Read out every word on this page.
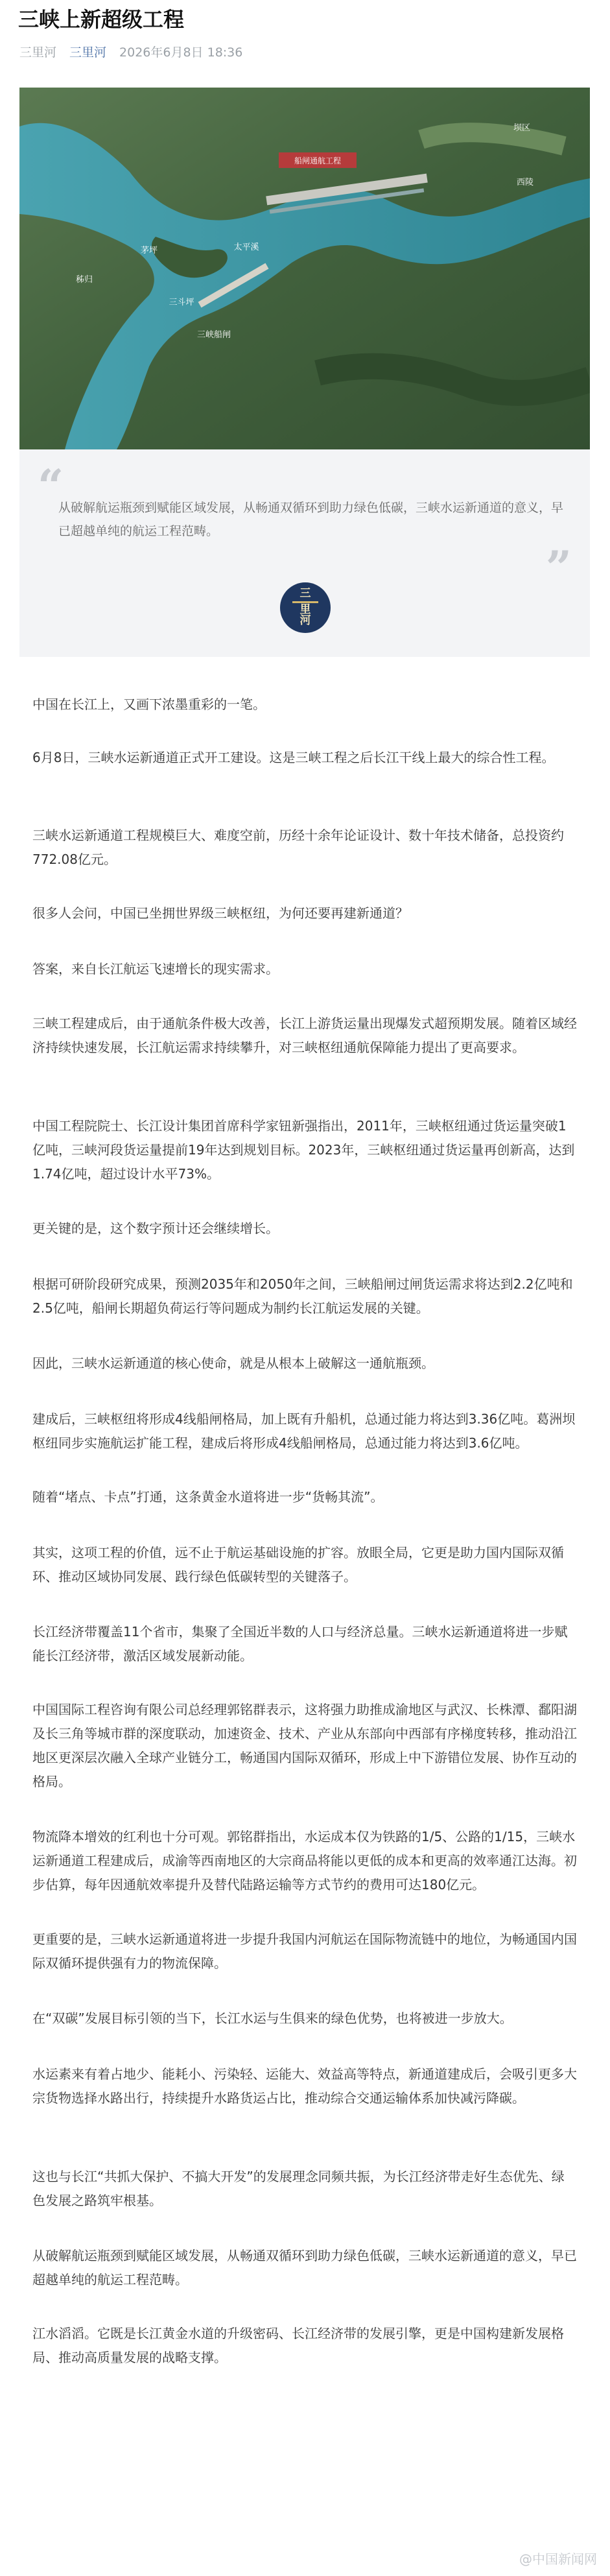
三峡上新超级工程
三里河 三里河 2026年6月8日 18:36
船闸通航工程
坝区
西陵
秭归
三斗坪
茅坪	太平溪
三峡船闸
“
从破解航运瓶颈到赋能区域发展，从畅通双循环到助力绿色低碳，三峡水运新通道的意义，早已超越单纯的航运工程范畴。
”
三
里
河
中国在长江上，又画下浓墨重彩的一笔。
6月8日，三峡水运新通道正式开工建设。这是三峡工程之后长江干线上最大的综合性工程。
三峡水运新通道工程规模巨大、难度空前，历经十余年论证设计、数十年技术储备，总投资约772.08亿元。
很多人会问，中国已坐拥世界级三峡枢纽，为何还要再建新通道？
答案，来自长江航运飞速增长的现实需求。
三峡工程建成后，由于通航条件极大改善，长江上游货运量出现爆发式超预期发展。随着区域经济持续快速发展，长江航运需求持续攀升，对三峡枢纽通航保障能力提出了更高要求。
中国工程院院士、长江设计集团首席科学家钮新强指出，2011年，三峡枢纽通过货运量突破1亿吨，三峡河段货运量提前19年达到规划目标。2023年，三峡枢纽通过货运量再创新高，达到1.74亿吨，超过设计水平73%。
更关键的是，这个数字预计还会继续增长。
根据可研阶段研究成果，预测2035年和2050年之间，三峡船闸过闸货运需求将达到2.2亿吨和2.5亿吨，船闸长期超负荷运行等问题成为制约长江航运发展的关键。
因此，三峡水运新通道的核心使命，就是从根本上破解这一通航瓶颈。
建成后，三峡枢纽将形成4线船闸格局，加上既有升船机，总通过能力将达到3.36亿吨。葛洲坝枢纽同步实施航运扩能工程，建成后将形成4线船闸格局，总通过能力将达到3.6亿吨。
随着“堵点、卡点”打通，这条黄金水道将进一步“货畅其流”。
其实，这项工程的价值，远不止于航运基础设施的扩容。放眼全局，它更是助力国内国际双循环、推动区域协同发展、践行绿色低碳转型的关键落子。
长江经济带覆盖11个省市，集聚了全国近半数的人口与经济总量。三峡水运新通道将进一步赋能长江经济带，激活区域发展新动能。
中国国际工程咨询有限公司总经理郭铭群表示，这将强力助推成渝地区与武汉、长株潭、鄱阳湖及长三角等城市群的深度联动，加速资金、技术、产业从东部向中西部有序梯度转移，推动沿江地区更深层次融入全球产业链分工，畅通国内国际双循环，形成上中下游错位发展、协作互动的格局。
物流降本增效的红利也十分可观。郭铭群指出，水运成本仅为铁路的1/5、公路的1/15，三峡水运新通道工程建成后，成渝等西南地区的大宗商品将能以更低的成本和更高的效率通江达海。初步估算，每年因通航效率提升及替代陆路运输等方式节约的费用可达180亿元。
更重要的是，三峡水运新通道将进一步提升我国内河航运在国际物流链中的地位，为畅通国内国际双循环提供强有力的物流保障。
在“双碳”发展目标引领的当下，长江水运与生俱来的绿色优势，也将被进一步放大。
水运素来有着占地少、能耗小、污染轻、运能大、效益高等特点，新通道建成后，会吸引更多大宗货物选择水路出行，持续提升水路货运占比，推动综合交通运输体系加快减污降碳。
这也与长江“共抓大保护、不搞大开发”的发展理念同频共振，为长江经济带走好生态优先、绿色发展之路筑牢根基。
从破解航运瓶颈到赋能区域发展，从畅通双循环到助力绿色低碳，三峡水运新通道的意义，早已超越单纯的航运工程范畴。
江水滔滔。它既是长江黄金水道的升级密码、长江经济带的发展引擎，更是中国构建新发展格局、推动高质量发展的战略支撑。
@中国新闻网
